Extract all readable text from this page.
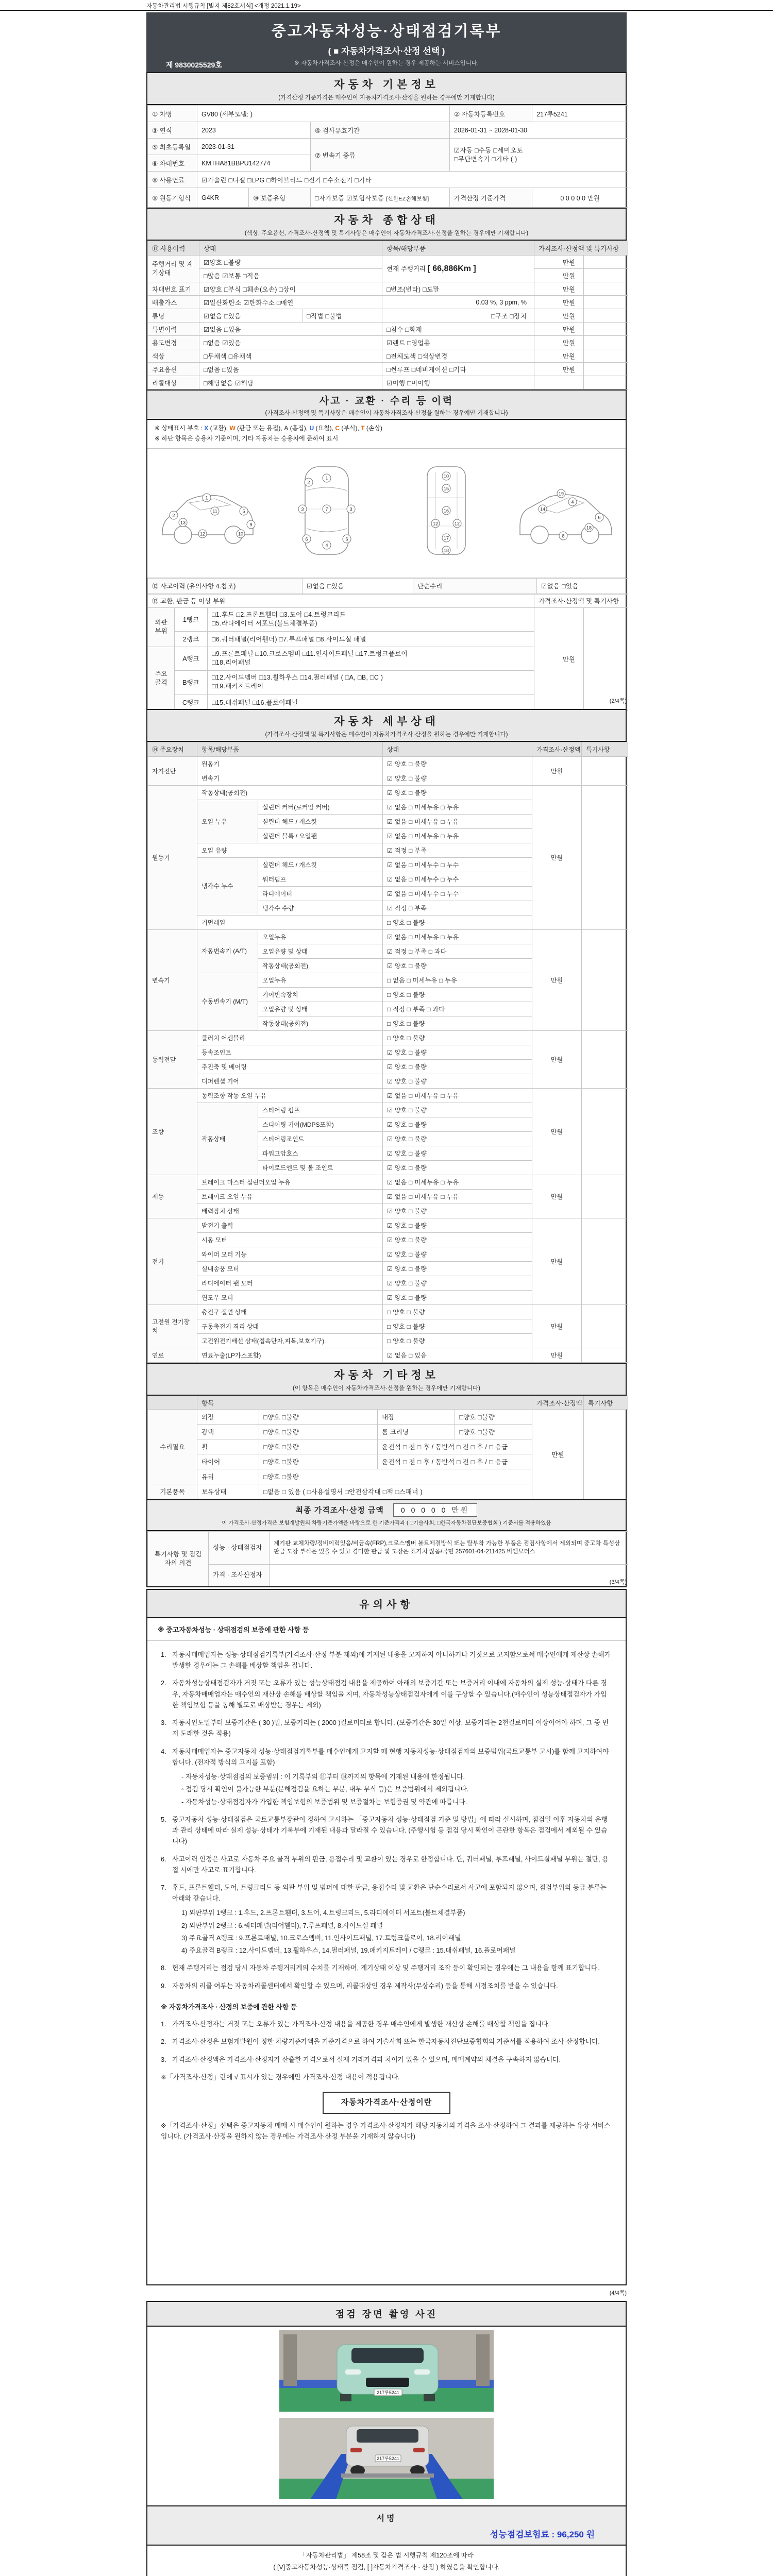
자동차관리법 시행규칙 [별지 제82호서식] <개정 2021.1.19>
중고자동차성능·상태점검기록부
( ■ 자동차가격조사·산정 선택 )
※ 자동차가격조사·산정은 매수인이 원하는 경우 제공하는 서비스입니다.
제 9830025529호
자동차 기본정보
(가격산정 기준가격은 매수인이 자동차가격조사·산정을 원하는 경우에만 기재합니다)
① 차명	GV80 (세부모델: )			② 자동차등록번호	217루5241
③ 연식	2023		④ 검사유효기간	2026-01-31 ~ 2028-01-30	
⑤ 최초등록일	2023-01-31		⑦ 변속기 종류	☑자동 □수동 □세미오토
□무단변속기 □기타 ( )	

⑥ 차대번호	KMTHA81BBPU142774				
⑧ 사용연료	☑가솔린 □디젤 □LPG □하이브리드 □전기 □수소전기 □기타				
⑨ 원동기형식	G4KR	⑩ 보증유형	□자가보증 ☑보험사보증 [신한EZ손해보험]	가격산정 기준가격	0 0 0 0 0 만원
자동차 종합상태
(색상, 주요옵션, 가격조사·산정액 및 특기사항은 매수인이 자동차가격조사·산정을 원하는 경우에만 기재합니다)
⑪ 사용이력	상태		항목/해당부품	가격조사·산정액 및 특기사항	
주행거리 및 계기상태	☑양호 □불량		현재 주행거리 [ 66,886Km ]	만원	
	□많음 ☑보통 □적음			만원	
차대번호 표기	☑양호 □부식 □훼손(오손) □상이		□변조(변타) □도말	만원	
배출가스	☑일산화탄소 ☑탄화수소 □매연		0.03 %, 3 ppm, %	만원	
튜닝	☑없음 □있음	□적법 □불법	□구조 □장치	만원	
특별이력	☑없음 □있음		□침수 □화재	만원	
용도변경	□없음 ☑있음		☑렌트 □영업용	만원	
색상	□무채색 □유채색		□전체도색 □색상변경	만원	
주요옵션	□없음 □있음		□썬루프 □네비게이션 □기타	만원	
리콜대상	□해당없음 ☑해당		☑이행 □미이행		
사고 · 교환 · 수리 등 이력
(가격조사·산정액 및 특기사항은 매수인이 자동차가격조사·산정을 원하는 경우에만 기재합니다)
※ 상태표시 부호 : X (교환), W (판금 또는 용접), A (흠집), U (요철), C (부식), T (손상)
※ 하단 항목은 승용차 기준이며, 기타 자동차는 승용차에 준하여 표시
1
2
5
9
10
11
12
13
1
2
7
3	3
4
6	6
10
15
16
12	12
17
18
19
4
6
14
8
18
⑫ 사고이력 (유의사항 4.참조)	☑없음 □있음	단순수리	☑없음 □있음
⑬ 교환, 판금 등 이상 부위			가격조사·산정액 및 특기사항	
외판부위	1랭크	□1.후드 □2.프론트휀더 □3.도어 □4.트렁크리드
□5.라디에이터 서포트(볼트체결부품)	만원	
	2랭크	□6.쿼터패널(리어휀더) □7.루프패널 □8.사이드실 패널		
주요골격	A랭크	□9.프론트패널 □10.크로스멤버 □11.인사이드패널 □17.트렁크플로어
□18.리어패널		

	B랭크	□12.사이드멤버 □13.휠하우스 □14.필러패널 ( □A, □B, □C )
□19.패키지트레이		

	C랭크	□15.대쉬패널 □16.플로어패널			(2/4쪽)
자동차 세부상태
(가격조사·산정액 및 특기사항은 매수인이 자동차가격조사·산정을 원하는 경우에만 기재합니다)
⑭ 주요장치	항목/해당부품		상태	가격조사·산정액	특기사항
자기진단	원동기		☑ 양호 □ 불량	만원	
	변속기		☑ 양호 □ 불량		
원동기	작동상태(공회전)		☑ 양호 □ 불량	만원	
	오일 누유	실린더 커버(로커암 커버)	☑ 없음 □ 미세누유 □ 누유		
		실린더 헤드 / 개스킷	☑ 없음 □ 미세누유 □ 누유		
		실린더 블록 / 오일팬	☑ 없음 □ 미세누유 □ 누유		
	오일 유량		☑ 적정 □ 부족		
	냉각수 누수	실린더 헤드 / 개스킷	☑ 없음 □ 미세누수 □ 누수		
		워터펌프	☑ 없음 □ 미세누수 □ 누수		
		라디에이터	☑ 없음 □ 미세누수 □ 누수		
		냉각수 수량	☑ 적정 □ 부족		
	커먼레일		□ 양호 □ 불량		
변속기	자동변속기 (A/T)	오일누유	☑ 없음 □ 미세누유 □ 누유	만원	
		오일유량 및 상태	☑ 적정 □ 부족 □ 과다		
		작동상태(공회전)	☑ 양호 □ 불량		
	수동변속기 (M/T)	오일누유	□ 없음 □ 미세누유 □ 누유		
		기어변속장치	□ 양호 □ 불량		
		오일유량 및 상태	□ 적정 □ 부족 □ 과다		
		작동상태(공회전)	□ 양호 □ 불량		
동력전달	클러치 어셈블리		□ 양호 □ 불량	만원	
	등속조인트		☑ 양호 □ 불량		
	추진축 및 베어링		☑ 양호 □ 불량		
	디퍼렌셜 기어		☑ 양호 □ 불량		
조향	동력조향 작동 오일 누유		☑ 없음 □ 미세누유 □ 누유	만원	
	작동상태	스티어링 펌프	☑ 양호 □ 불량		
		스티어링 기어(MDPS포함)	☑ 양호 □ 불량		
		스티어링조인트	☑ 양호 □ 불량		
		파워고압호스	☑ 양호 □ 불량		
		타이로드엔드 및 볼 조인트	☑ 양호 □ 불량		
제동	브레이크 마스터 실린더오일 누유		☑ 없음 □ 미세누유 □ 누유	만원	
	브레이크 오일 누유		☑ 없음 □ 미세누유 □ 누유		
	배력장치 상태		☑ 양호 □ 불량		
전기	발전기 출력		☑ 양호 □ 불량	만원	
	시동 모터		☑ 양호 □ 불량		
	와이퍼 모터 기능		☑ 양호 □ 불량		
	실내송풍 모터		☑ 양호 □ 불량		
	라디에이터 팬 모터		☑ 양호 □ 불량		
	윈도우 모터		☑ 양호 □ 불량		
고전원 전기장치	충전구 절연 상태		□ 양호 □ 불량	만원	
	구동축전지 격리 상태		□ 양호 □ 불량		
	고전원전기배선 상태(접속단자,피복,보호기구)		□ 양호 □ 불량		
연료	연료누출(LP가스포함)		☑ 없음 □ 있음	만원	
자동차 기타정보
(이 항목은 매수인이 자동차가격조사·산정을 원하는 경우에만 기재합니다)
	항목				가격조사·산정액	특기사항
수리필요	외장	□양호 □불량	내장	□양호 □불량	만원	
	광택	□양호 □불량	룸 크리닝	□양호 □불량		
	휠	□양호 □불량	운전석 □ 전 □ 후 / 동반석 □ 전 □ 후 / □ 응급			
	타이어	□양호 □불량	운전석 □ 전 □ 후 / 동반석 □ 전 □ 후 / □ 응급			
	유리	□양호 □불량				
기본품목	보유상태	□없음 □ 있음 ( □사용설명서 □안전삼각대 □잭 □스패너 )				
최종 가격조사·산정 금액 0 0 0 0 0 만원
이 가격조사·산정가격은 보험개발원의 차량기준가액을 바탕으로 한 기준가격과 ( □기술사회, □한국자동차진단보증협회 ) 기준서를 적용하였음
특기사항 및 점검자의 의견	성능 · 상태점검자	계기판 교체차량/정비이력있음/비금속(FRP),크로스멤버 볼트체결방식 또는 탈부착 가능한 부품은 점검사항에서 제외되며 중고차 특성상 판금 도장 부식은 있을 수 있고 경미한 판금 및 도장은 표기치 않음/국민 257601-04-211425 비엠모터스
	가격 · 조사산정자	
(3/4쪽)
유의사항
※ 중고자동차성능 · 상태점검의 보증에 관한 사항 등
1. 자동차매매업자는 성능·상태점검기록부(가격조사·산정 부분 제외)에 기재된 내용을 고지하지 아니하거나 거짓으로 고지함으로써 매수인에게 재산상 손해가 발생한 경우에는 그 손해를 배상할 책임을 집니다.
2. 자동차성능상태점검자가 거짓 또는 오류가 있는 성능상태점검 내용을 제공하여 아래의 보증기간 또는 보증거리 이내에 자동차의 실제 성능·상태가 다른 경우, 자동차매매업자는 매수인의 재산상 손해를 배상할 책임을 지며, 자동차성능상태점검자에게 이를 구상할 수 있습니다.(매수인이 성능상태점검자가 가입한 책임보험 등을 통해 별도로 배상받는 경우는 제외)
3. 자동차인도일부터 보증기간은 ( 30 )일, 보증거리는 ( 2000 )킬로미터로 합니다. (보증기간은 30일 이상, 보증거리는 2천킬로미터 이상이어야 하며, 그 중 먼저 도래한 것을 적용)
4. 자동차매매업자는 중고자동차 성능·상태점검기록부를 매수인에게 고지할 때 현행 자동차성능·상태점검자의 보증범위(국토교통부 고시)를 함께 고지하여야 합니다. (전자적 방식의 고지를 포함)
- 자동차성능·상태점검의 보증범위 : 이 기록부의 ⑪부터 ⑭까지의 항목에 기재된 내용에 한정됩니다.
◦ 점검 당시 확인이 불가능한 부분(분해점검을 요하는 부분, 내부 부식 등)은 보증범위에서 제외됩니다.
- 자동차성능·상태점검자가 가입한 책임보험의 보증범위 및 보증절차는 보험증권 및 약관에 따릅니다.
5. 중고자동차 성능·상태점검은 국토교통부장관이 정하여 고시하는 「중고자동차 성능·상태점검 기준 및 방법」에 따라 실시하며, 점검일 이후 자동차의 운행과 관리 상태에 따라 실제 성능·상태가 기록부에 기재된 내용과 달라질 수 있습니다. (주행시험 등 점검 당시 확인이 곤란한 항목은 점검에서 제외될 수 있습니다)
6. 사고이력 인정은 사고로 자동차 주요 골격 부위의 판금, 용접수리 및 교환이 있는 경우로 한정합니다. 단, 쿼터패널, 루프패널, 사이드실패널 부위는 절단, 용접 시에만 사고로 표기합니다.
7. 후드, 프론트휀더, 도어, 트렁크리드 등 외판 부위 및 범퍼에 대한 판금, 용접수리 및 교환은 단순수리로서 사고에 포함되지 않으며, 점검부위의 등급 분류는 아래와 같습니다.
1) 외판부위 1랭크 : 1.후드, 2.프론트휀더, 3.도어, 4.트렁크리드, 5.라디에이터 서포트(볼트체결부품)
2) 외판부위 2랭크 : 6.쿼터패널(리어휀더), 7.루프패널, 8.사이드실 패널
3) 주요골격 A랭크 : 9.프론트패널, 10.크로스멤버, 11.인사이드패널, 17.트렁크플로어, 18.리어패널
4) 주요골격 B랭크 : 12.사이드멤버, 13.휠하우스, 14.필러패널, 19.패키지트레이 / C랭크 : 15.대쉬패널, 16.플로어패널
8. 현재 주행거리는 점검 당시 자동차 주행거리계의 수치를 기재하며, 계기상태 이상 및 주행거리 조작 등이 확인되는 경우에는 그 내용을 함께 표기합니다.
9. 자동차의 리콜 여부는 자동차리콜센터에서 확인할 수 있으며, 리콜대상인 경우 제작사(무상수리) 등을 통해 시정조치를 받을 수 있습니다.
※ 자동차가격조사 · 산정의 보증에 관한 사항 등
1. 가격조사·산정자는 거짓 또는 오류가 있는 가격조사·산정 내용을 제공한 경우 매수인에게 발생한 재산상 손해를 배상할 책임을 집니다.
2. 가격조사·산정은 보험개발원이 정한 차량기준가액을 기준가격으로 하여 기술사회 또는 한국자동차진단보증협회의 기준서를 적용하여 조사·산정합니다.
3. 가격조사·산정액은 가격조사·산정자가 산출한 가격으로서 실제 거래가격과 차이가 있을 수 있으며, 매매계약의 체결을 구속하지 않습니다.
※「가격조사·산정」란에 √ 표시가 있는 경우에만 가격조사·산정 내용이 적용됩니다.
자동차가격조사·산정이란
※「가격조사·산정」선택은 중고자동차 매매 시 매수인이 원하는 경우 가격조사·산정자가 해당 자동차의 가격을 조사·산정하여 그 결과를 제공하는 유상 서비스입니다. (가격조사·산정을 원하지 않는 경우에는 가격조사·산정 부분을 기재하지 않습니다)
(4/4쪽)
점검 장면 촬영 사진
217루5241
217루5241
서명
성능점검보험료 : 96,250 원
「자동차관리법」 제58조 및 같은 법 시행규칙 제120조에 따라
( [V]중고자동차성능·상태를 점검, [ ]자동차가격조사 · 산정 ) 하였음을 확인합니다.
